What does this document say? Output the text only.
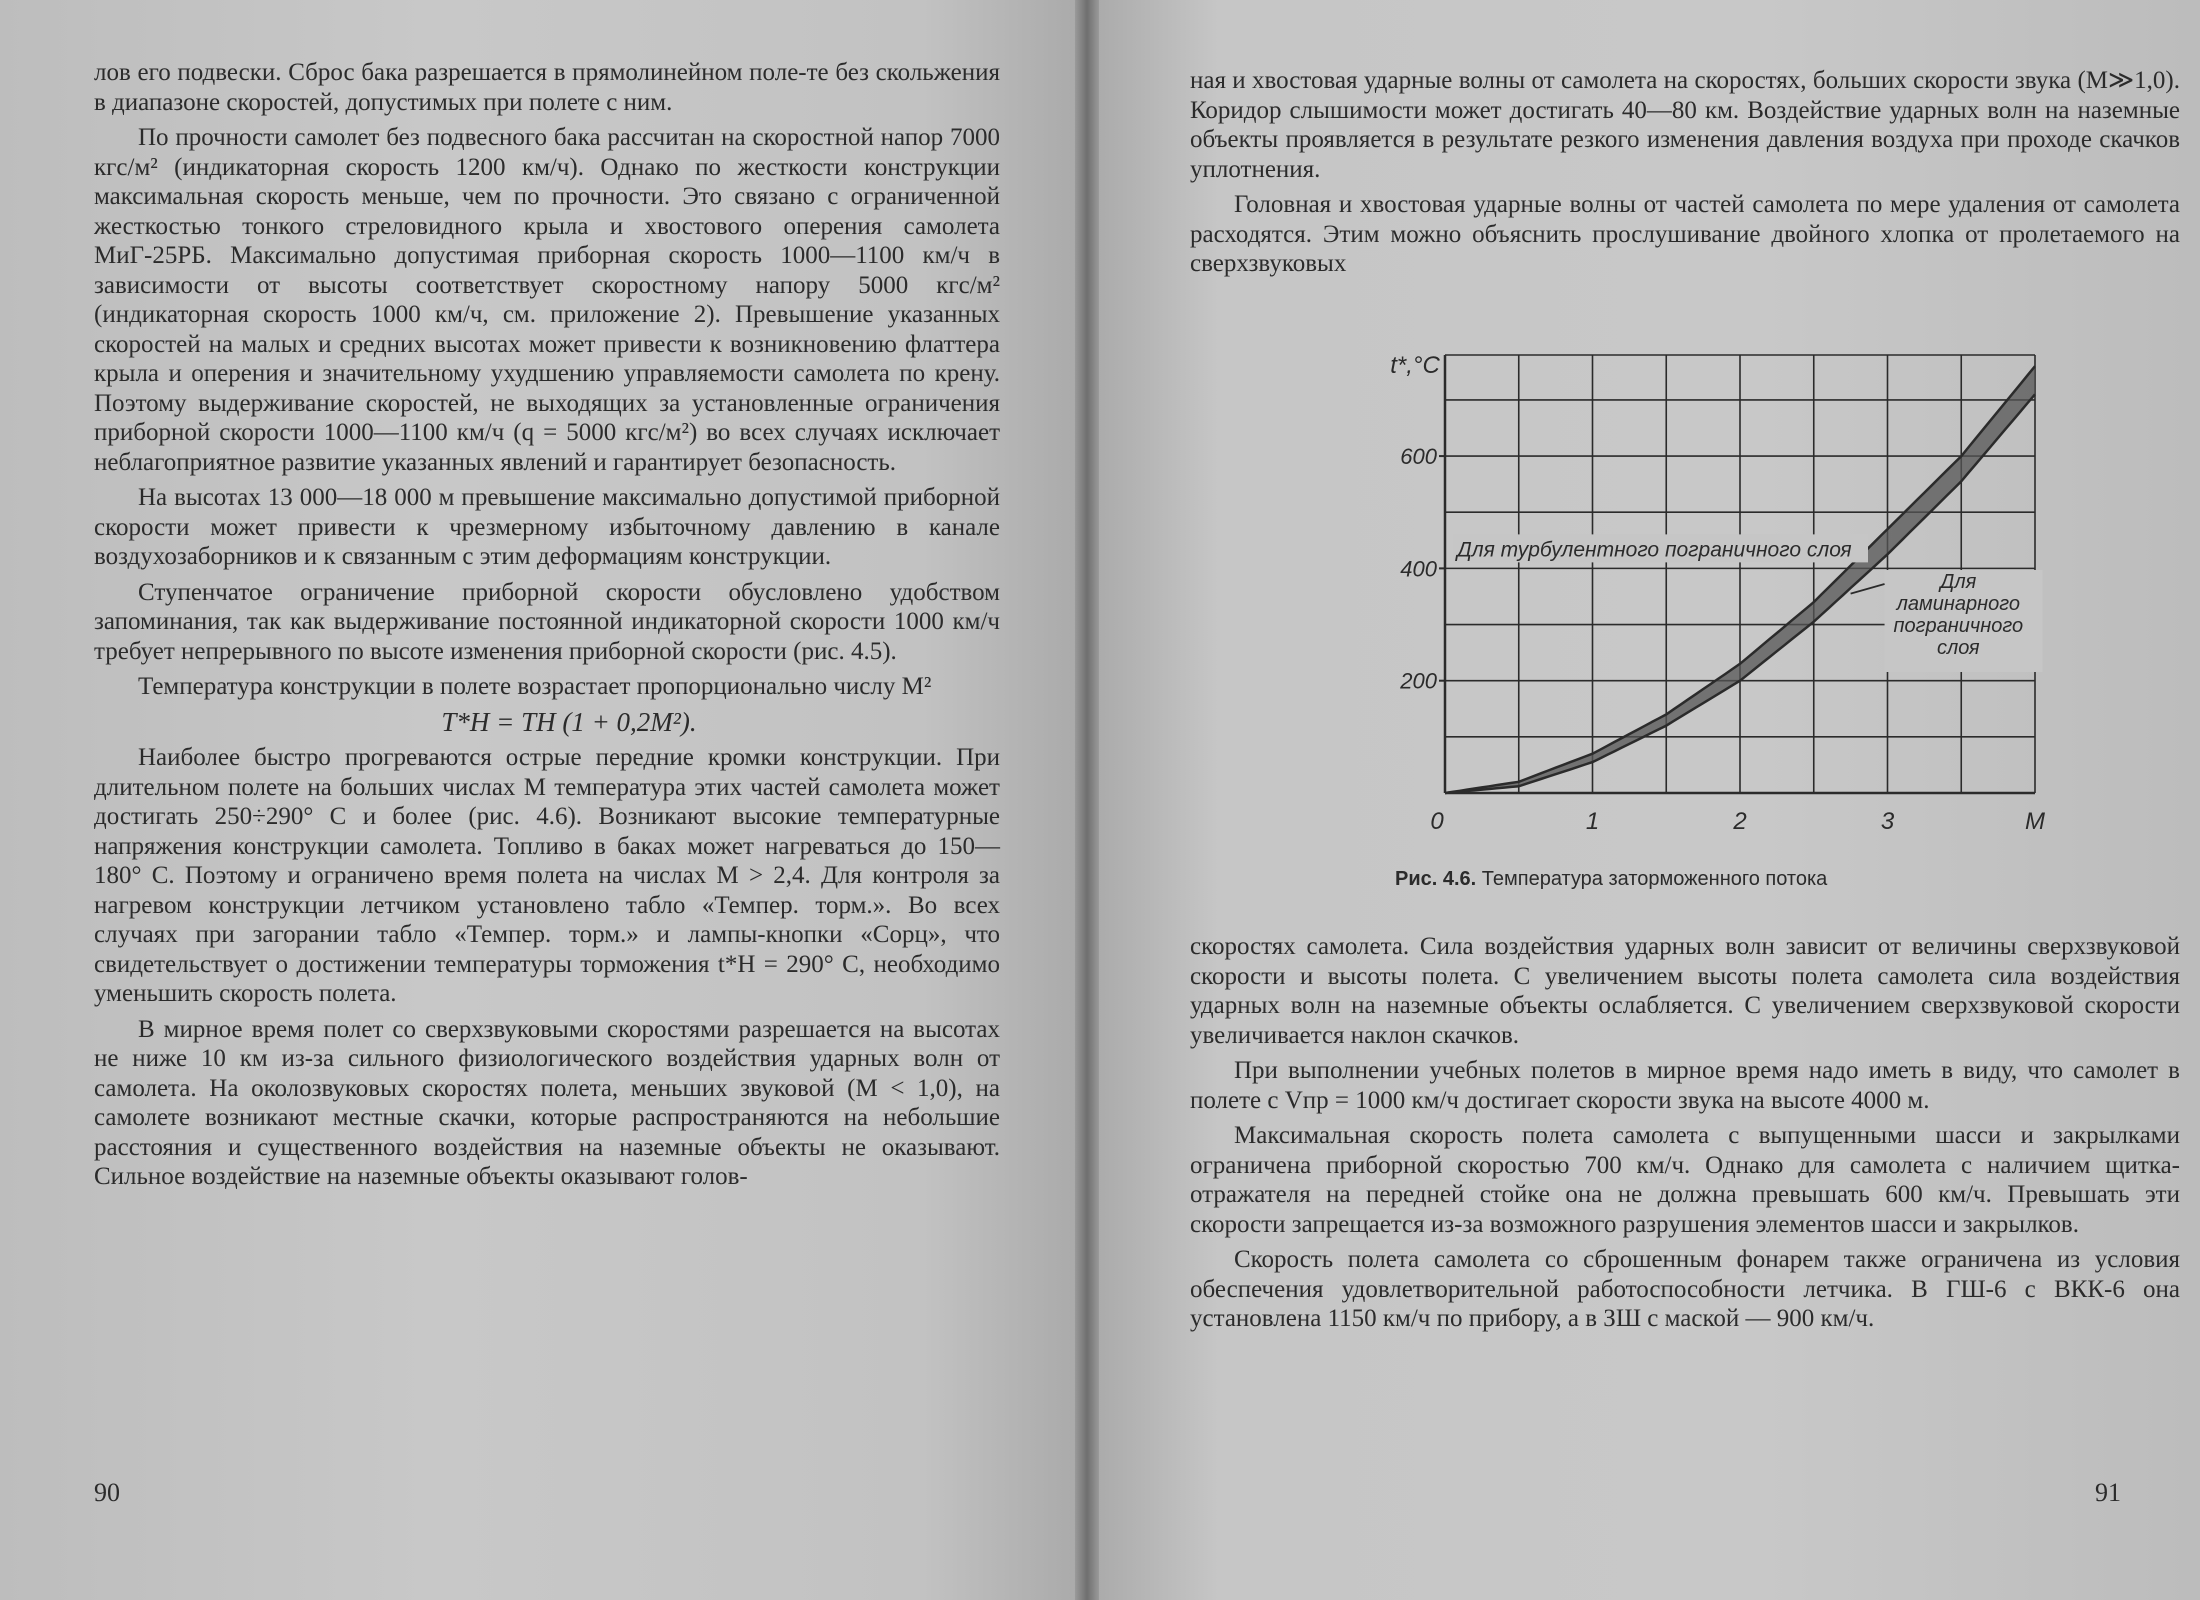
лов его подвески. Сброс бака разрешается в прямолинейном поле-те без скольжения в диапазоне скоростей, допустимых при полете с ним.

По прочности самолет без подвесного бака рассчитан на скоростной напор 7000 кгс/м² (индикаторная скорость 1200 км/ч). Однако по жесткости конструкции максимальная скорость меньше, чем по прочности. Это связано с ограниченной жесткостью тонкого стреловидного крыла и хвостового оперения самолета МиГ-25РБ. Максимально допустимая приборная скорость 1000—1100 км/ч в зависимости от высоты соответствует скоростному напору 5000 кгс/м² (индикаторная скорость 1000 км/ч, см. приложение 2). Превышение указанных скоростей на малых и средних высотах может привести к возникновению флаттера крыла и оперения и значительному ухудшению управляемости самолета по крену. Поэтому выдерживание скоростей, не выходящих за установленные ограничения приборной скорости 1000—1100 км/ч (q = 5000 кгс/м²) во всех случаях исключает неблагоприятное развитие указанных явлений и гарантирует безопасность.

На высотах 13 000—18 000 м превышение максимально допустимой приборной скорости может привести к чрезмерному избыточному давлению в канале воздухозаборников и к связанным с этим деформациям конструкции.

Ступенчатое ограничение приборной скорости обусловлено удобством запоминания, так как выдерживание постоянной индикаторной скорости 1000 км/ч требует непрерывного по высоте изменения приборной скорости (рис. 4.5).

Температура конструкции в полете возрастает пропорционально числу М²

T*H = TH (1 + 0,2M²).

Наиболее быстро прогреваются острые передние кромки конструкции. При длительном полете на больших числах М температура этих частей самолета может достигать 250÷290° С и более (рис. 4.6). Возникают высокие температурные напряжения конструкции самолета. Топливо в баках может нагреваться до 150—180° С. Поэтому и ограничено время полета на числах М > 2,4. Для контроля за нагревом конструкции летчиком установлено табло «Темпер. торм.». Во всех случаях при загорании табло «Темпер. торм.» и лампы-кнопки «Сорц», что свидетельствует о достижении температуры торможения t*H = 290° С, необходимо уменьшить скорость полета.

В мирное время полет со сверхзвуковыми скоростями разрешается на высотах не ниже 10 км из-за сильного физиологического воздействия ударных волн от самолета. На околозвуковых скоростях полета, меньших звуковой (М < 1,0), на самолете возникают местные скачки, которые распространяются на небольшие расстояния и существенного воздействия на наземные объекты не оказывают. Сильное воздействие на наземные объекты оказывают голов-

90

ная и хвостовая ударные волны от самолета на скоростях, больших скорости звука (М≫1,0). Коридор слышимости может достигать 40—80 км. Воздействие ударных волн на наземные объекты проявляется в результате резкого изменения давления воздуха при проходе скачков уплотнения.

Головная и хвостовая ударные волны от частей самолета по мере удаления от самолета расходятся. Этим можно объяснить прослушивание двойного хлопка от пролетаемого на сверхзвуковых

200
400
600
0	1	2	3	M
t*,°C
Для турбулентного пограничного слоя
Для ламинарного пограничного слоя
Рис. 4.6. Температура заторможенного потока

скоростях самолета. Сила воздействия ударных волн зависит от величины сверхзвуковой скорости и высоты полета. С увеличением высоты полета самолета сила воздействия ударных волн на наземные объекты ослабляется. С увеличением сверхзвуковой скорости увеличивается наклон скачков.

При выполнении учебных полетов в мирное время надо иметь в виду, что самолет в полете с Vпр = 1000 км/ч достигает скорости звука на высоте 4000 м.

Максимальная скорость полета самолета с выпущенными шасси и закрылками ограничена приборной скоростью 700 км/ч. Однако для самолета с наличием щитка-отражателя на передней стойке она не должна превышать 600 км/ч. Превышать эти скорости запрещается из-за возможного разрушения элементов шасси и закрылков.

Скорость полета самолета со сброшенным фонарем также ограничена из условия обеспечения удовлетворительной работоспособности летчика. В ГШ-6 с ВКК-6 она установлена 1150 км/ч по прибору, а в ЗШ с маской — 900 км/ч.

91
